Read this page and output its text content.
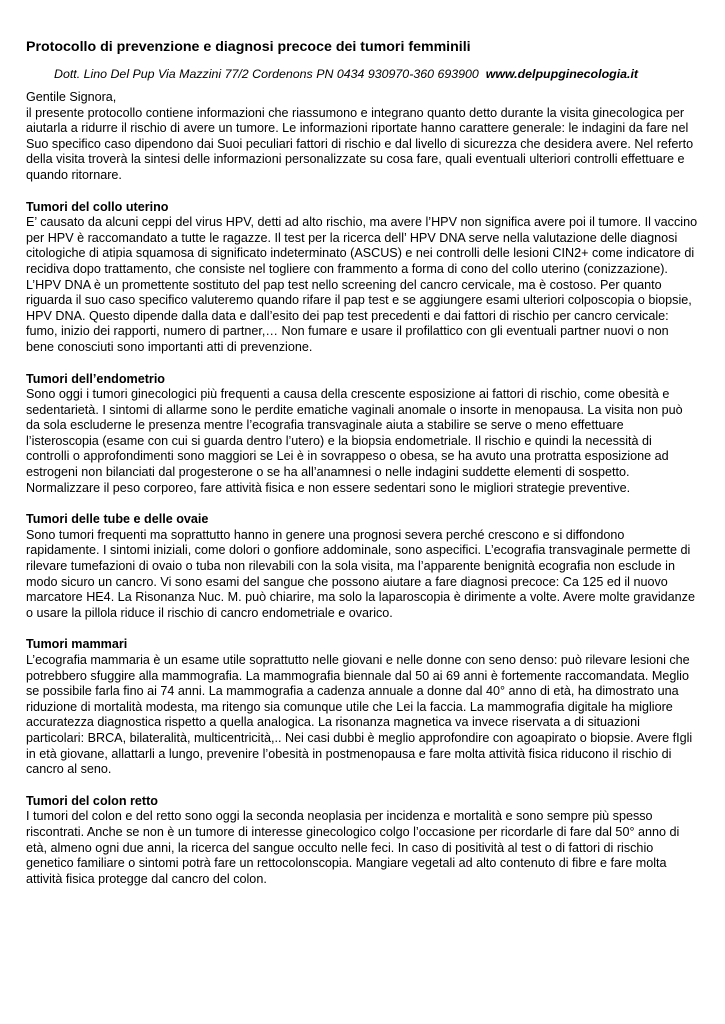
Protocollo di prevenzione e diagnosi precoce dei tumori femminili
Dott. Lino Del Pup Via Mazzini 77/2 Cordenons PN 0434 930970-360 693900 www.delpupginecologia.it
Gentile Signora,
il presente protocollo contiene informazioni che riassumono e integrano quanto detto durante la visita ginecologica per aiutarla a ridurre il rischio di avere un tumore. Le informazioni riportate hanno carattere generale: le indagini da fare nel Suo specifico caso dipendono dai Suoi peculiari fattori di rischio e dal livello di sicurezza che desidera avere. Nel referto della visita troverà la sintesi delle informazioni personalizzate su cosa fare, quali eventuali ulteriori controlli effettuare e quando ritornare.
Tumori del collo uterino

E’ causato da alcuni ceppi del virus HPV, detti ad alto rischio, ma avere l’HPV non significa avere poi il tumore. Il vaccino per HPV è raccomandato a tutte le ragazze. Il test per la ricerca dell’ HPV DNA serve nella valutazione delle diagnosi citologiche di atipia squamosa di significato indeterminato (ASCUS) e nei controlli delle lesioni CIN2+ come indicatore di recidiva dopo trattamento, che consiste nel togliere con frammento a forma di cono del collo uterino (conizzazione). L’HPV DNA è un promettente sostituto del pap test nello screening del cancro cervicale, ma è costoso. Per quanto riguarda il suo caso specifico valuteremo quando rifare il pap test e se aggiungere esami ulteriori colposcopia o biopsie, HPV DNA. Questo dipende dalla data e dall’esito dei pap test precedenti e dai fattori di rischio per cancro cervicale: fumo, inizio dei rapporti, numero di partner,… Non fumare e usare il profilattico con gli eventuali partner nuovi o non bene conosciuti sono importanti atti di prevenzione.

Tumori dell’endometrio

Sono oggi i tumori ginecologici più frequenti a causa della crescente esposizione ai fattori di rischio, come obesità e sedentarietà. I sintomi di allarme sono le perdite ematiche vaginali anomale o insorte in menopausa. La visita non può da sola escluderne le presenza mentre l’ecografia transvaginale aiuta a stabilire se serve o meno effettuare l’isteroscopia (esame con cui si guarda dentro l’utero) e la biopsia endometriale. Il rischio e quindi la necessità di controlli o approfondimenti sono maggiori se Lei è in sovrappeso o obesa, se ha avuto una protratta esposizione ad estrogeni non bilanciati dal progesterone o se ha all’anamnesi o nelle indagini suddette elementi di sospetto. Normalizzare il peso corporeo, fare attività fisica e non essere sedentari sono le migliori strategie preventive.

Tumori delle tube e delle ovaie

Sono tumori frequenti ma soprattutto hanno in genere una prognosi severa perché crescono e si diffondono rapidamente. I sintomi iniziali, come dolori o gonfiore addominale, sono aspecifici. L’ecografia transvaginale permette di rilevare tumefazioni di ovaio o tuba non rilevabili con la sola visita, ma l’apparente benignità ecografia non esclude in modo sicuro un cancro. Vi sono esami del sangue che possono aiutare a fare diagnosi precoce: Ca 125 ed il nuovo marcatore HE4. La Risonanza Nuc. M. può chiarire, ma solo la laparoscopia è dirimente a volte. Avere molte gravidanze o usare la pillola riduce il rischio di cancro endometriale e ovarico.

Tumori mammari

L’ecografia mammaria è un esame utile soprattutto nelle giovani e nelle donne con seno denso: può rilevare lesioni che potrebbero sfuggire alla mammografia. La mammografia biennale dal 50 ai 69 anni è fortemente raccomandata. Meglio se possibile farla fino ai 74 anni. La mammografia a cadenza annuale a donne dal 40° anno di età, ha dimostrato una riduzione di mortalità modesta, ma ritengo sia comunque utile che Lei la faccia. La mammografia digitale ha migliore accuratezza diagnostica rispetto a quella analogica. La risonanza magnetica va invece riservata a di situazioni particolari: BRCA, bilateralità, multicentricità,.. Nei casi dubbi è meglio approfondire con agoapirato o biopsie. Avere fIgli in età giovane, allattarli a lungo, prevenire l’obesità in postmenopausa e fare molta attività fisica riducono il rischio di cancro al seno.

Tumori del colon retto

I tumori del colon e del retto sono oggi la seconda neoplasia per incidenza e mortalità e sono sempre più spesso riscontrati. Anche se non è un tumore di interesse ginecologico colgo l’occasione per ricordarle di fare dal 50° anno di età, almeno ogni due anni, la ricerca del sangue occulto nelle feci. In caso di positività al test o di fattori di rischio genetico familiare o sintomi potrà fare un rettocolonscopia. Mangiare vegetali ad alto contenuto di fibre e fare molta attività fisica protegge dal cancro del colon.
